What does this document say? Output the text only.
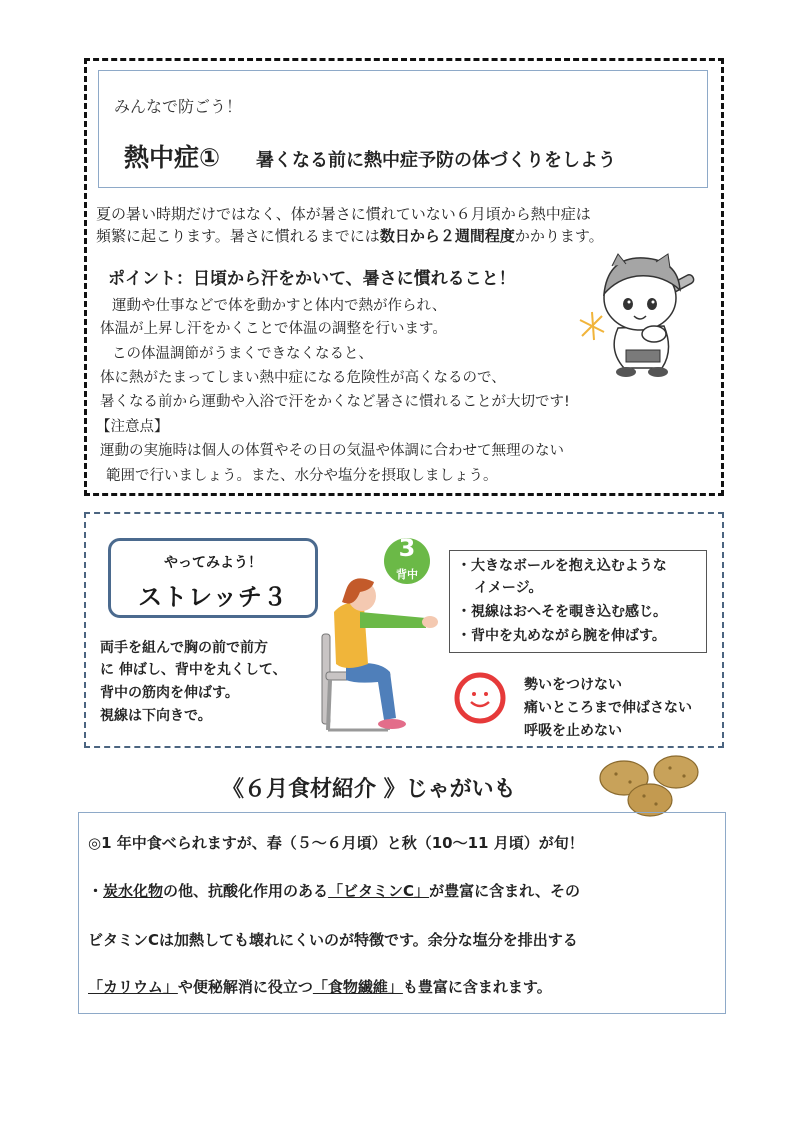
みんなで防ごう！
熱中症① 暑くなる前に熱中症予防の体づくりをしよう
夏の暑い時期だけではなく、体が暑さに慣れていない６月頃から熱中症は
頻繁に起こります。暑さに慣れるまでには数日から２週間程度かかります。
ポイント：日頃から汗をかいて、暑さに慣れること！
運動や仕事などで体を動かすと体内で熱が作られ、
体温が上昇し汗をかくことで体温の調整を行います。
この体温調節がうまくできなくなると、
体に熱がたまってしまい熱中症になる危険性が高くなるので、
暑くなる前から運動や入浴で汗をかくなど暑さに慣れることが大切です!
【注意点】
運動の実施時は個人の体質やその日の気温や体調に合わせて無理のない
範囲で行いましょう。また、水分や塩分を摂取しましょう。
やってみよう！
ストレッチ３
両手を組んで胸の前で前方
に 伸ばし、背中を丸くして、
背中の筋肉を伸ばす。
視線は下向きで。
3
背中
・大きなボールを抱え込むような
イメージ。
・視線はおへそを覗き込む感じ。
・背中を丸めながら腕を伸ばす。
勢いをつけない
痛いところまで伸ばさない
呼吸を止めない
《６月食材紹介 》じゃがいも
◎1 年中食べられますが、春（５～６月頃）と秋（10～11 月頃）が旬！
・炭水化物の他、抗酸化作用のある「ビタミンC」が豊富に含まれ、その
ビタミンCは加熱しても壊れにくいのが特徴です。余分な塩分を排出する
「カリウム」や便秘解消に役立つ「食物繊維」も豊富に含まれます。
